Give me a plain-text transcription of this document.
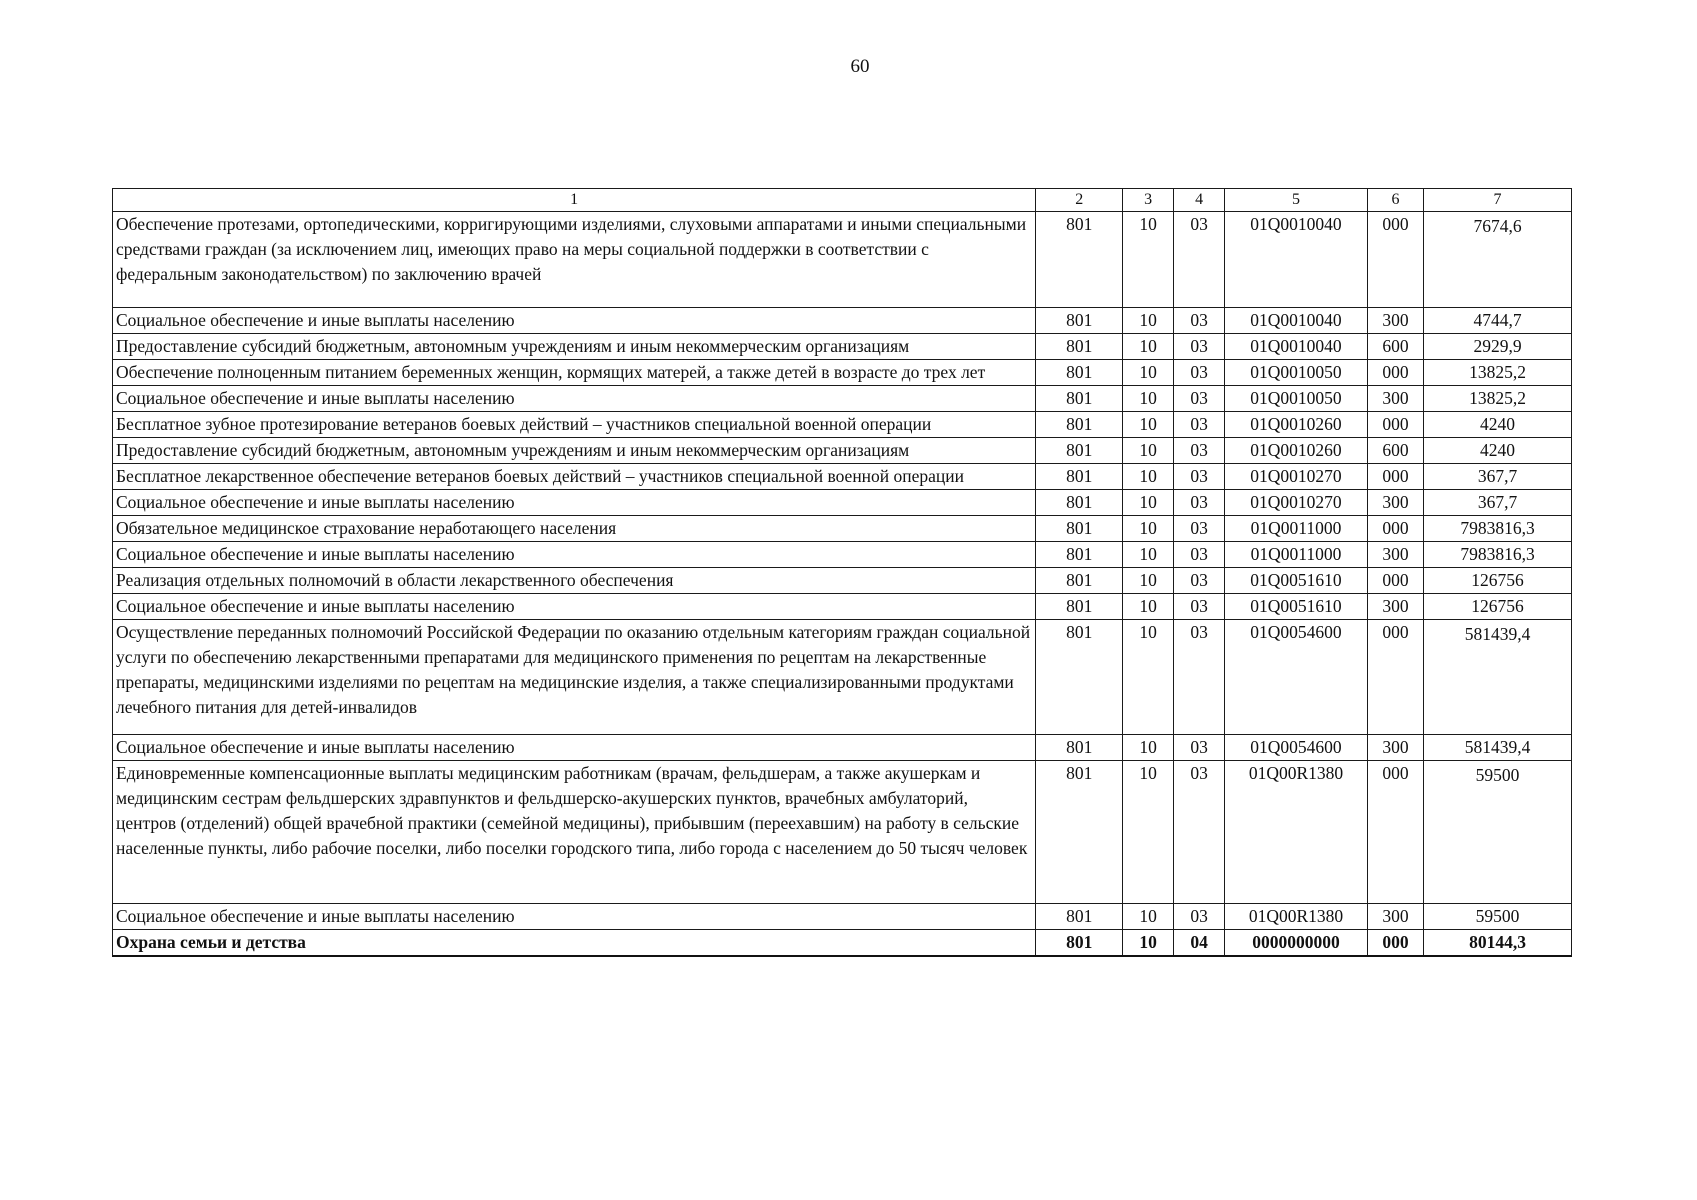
60
1	2	3	4	5	6	7
Обеспечение протезами, ортопедическими, корригирующими изделиями, слуховыми аппаратами и иными специальными средствами граждан (за исключением лиц, имеющих право на меры социальной поддержки в соответствии с федеральным законодательством) по заключению врачей	801	10	03	01Q0010040	000	7674,6
Социальное обеспечение и иные выплаты населению	801	10	03	01Q0010040	300	4744,7
Предоставление субсидий бюджетным, автономным учреждениям и иным некоммерческим организациям	801	10	03	01Q0010040	600	2929,9
Обеспечение полноценным питанием беременных женщин, кормящих матерей, а также детей в возрасте до трех лет	801	10	03	01Q0010050	000	13825,2
Социальное обеспечение и иные выплаты населению	801	10	03	01Q0010050	300	13825,2
Бесплатное зубное протезирование ветеранов боевых действий – участников специальной военной операции	801	10	03	01Q0010260	000	4240
Предоставление субсидий бюджетным, автономным учреждениям и иным некоммерческим организациям	801	10	03	01Q0010260	600	4240
Бесплатное лекарственное обеспечение ветеранов боевых действий – участников специальной военной операции	801	10	03	01Q0010270	000	367,7
Социальное обеспечение и иные выплаты населению	801	10	03	01Q0010270	300	367,7
Обязательное медицинское страхование неработающего населения	801	10	03	01Q0011000	000	7983816,3
Социальное обеспечение и иные выплаты населению	801	10	03	01Q0011000	300	7983816,3
Реализация отдельных полномочий в области лекарственного обеспечения	801	10	03	01Q0051610	000	126756
Социальное обеспечение и иные выплаты населению	801	10	03	01Q0051610	300	126756
Осуществление переданных полномочий Российской Федерации по оказанию отдельным категориям граждан социальной услуги по обеспечению лекарственными препаратами для медицинского применения по рецептам на лекарственные препараты, медицинскими изделиями по рецептам на медицинские изделия, а также специализированными продуктами лечебного питания для детей-инвалидов	801	10	03	01Q0054600	000	581439,4
Социальное обеспечение и иные выплаты населению	801	10	03	01Q0054600	300	581439,4
Единовременные компенсационные выплаты медицинским работникам (врачам, фельдшерам, а также акушеркам и медицинским сестрам фельдшерских здравпунктов и фельдшерско-акушерских пунктов, врачебных амбулаторий, центров (отделений) общей врачебной практики (семейной медицины), прибывшим (переехавшим) на работу в сельские населенные пункты, либо рабочие поселки, либо поселки городского типа, либо города с населением до 50 тысяч человек	801	10	03	01Q00R1380	000	59500
Социальное обеспечение и иные выплаты населению	801	10	03	01Q00R1380	300	59500
Охрана семьи и детства	801	10	04	0000000000	000	80144,3
